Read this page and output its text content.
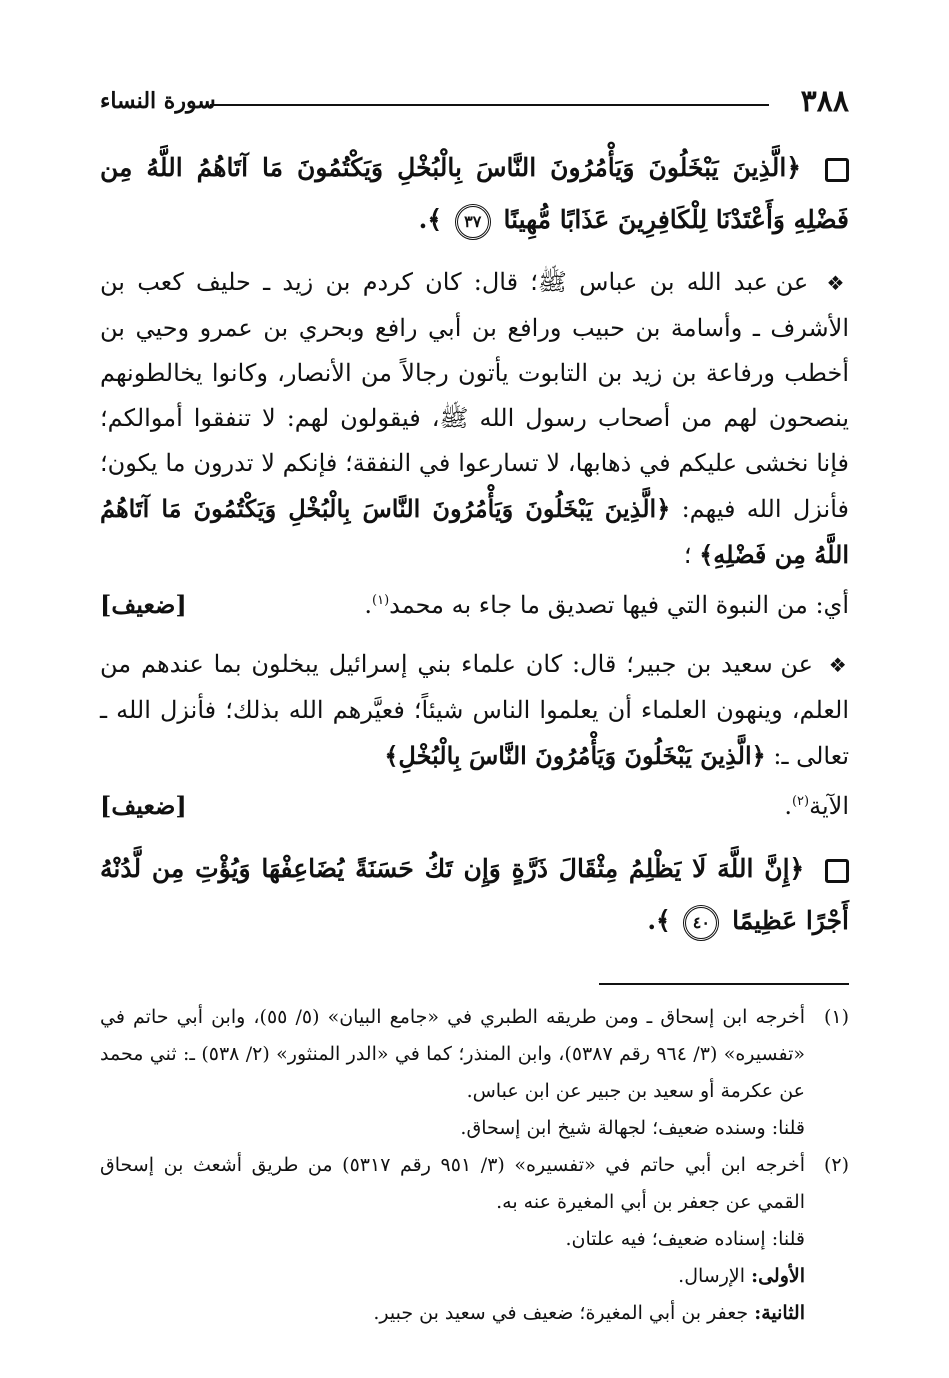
٣٨٨
سورة النساء
﴿الَّذِينَ يَبْخَلُونَ وَيَأْمُرُونَ النَّاسَ بِالْبُخْلِ وَيَكْتُمُونَ مَا آتَاهُمُ اللَّهُ مِن فَضْلِهِ وَأَعْتَدْنَا لِلْكَافِرِينَ عَذَابًا مُّهِينًا ٣٧ ﴾.
❖ عن عبد الله بن عباس ﷺ؛ قال: كان كردم بن زيد ـ حليف كعب بن الأشرف ـ وأسامة بن حبيب ورافع بن أبي رافع وبحري بن عمرو وحيي بن أخطب ورفاعة بن زيد بن التابوت يأتون رجالاً من الأنصار، وكانوا يخالطونهم ينصحون لهم من أصحاب رسول الله ﷺ، فيقولون لهم: لا تنفقوا أموالكم؛ فإنا نخشى عليكم في ذهابها، لا تسارعوا في النفقة؛ فإنكم لا تدرون ما يكون؛ فأنزل الله فيهم: ﴿الَّذِينَ يَبْخَلُونَ وَيَأْمُرُونَ النَّاسَ بِالْبُخْلِ وَيَكْتُمُونَ مَا آتَاهُمُ اللَّهُ مِن فَضْلِهِ﴾ ؛
أي: من النبوة التي فيها تصديق ما جاء به محمد$^{(١)}$.
[ضعيف]
❖ عن سعيد بن جبير؛ قال: كان علماء بني إسرائيل يبخلون بما عندهم من العلم، وينهون العلماء أن يعلموا الناس شيئاً؛ فعيَّرهم الله بذلك؛ فأنزل الله ـ تعالى ـ: ﴿الَّذِينَ يَبْخَلُونَ وَيَأْمُرُونَ النَّاسَ بِالْبُخْلِ﴾
الآية$^{(٢)}$.
[ضعيف]
﴿إِنَّ اللَّهَ لَا يَظْلِمُ مِثْقَالَ ذَرَّةٍ وَإِن تَكُ حَسَنَةً يُضَاعِفْهَا وَيُؤْتِ مِن لَّدُنْهُ أَجْرًا عَظِيمًا ٤٠ ﴾.
(١)
أخرجه ابن إسحاق ـ ومن طريقه الطبري في «جامع البيان» (٥/ ٥٥)، وابن أبي حاتم في «تفسيره» (٣/ ٩٦٤ رقم ٥٣٨٧)، وابن المنذر؛ كما في «الدر المنثور» (٢/ ٥٣٨) ـ: ثني محمد عن عكرمة أو سعيد بن جبير عن ابن عباس.
قلنا: وسنده ضعيف؛ لجهالة شيخ ابن إسحاق.
(٢)
أخرجه ابن أبي حاتم في «تفسيره» (٣/ ٩٥١ رقم ٥٣١٧) من طريق أشعث بن إسحاق القمي عن جعفر بن أبي المغيرة عنه به.
قلنا: إسناده ضعيف؛ فيه علتان.
الأولى: الإرسال.
الثانية: جعفر بن أبي المغيرة؛ ضعيف في سعيد بن جبير.
